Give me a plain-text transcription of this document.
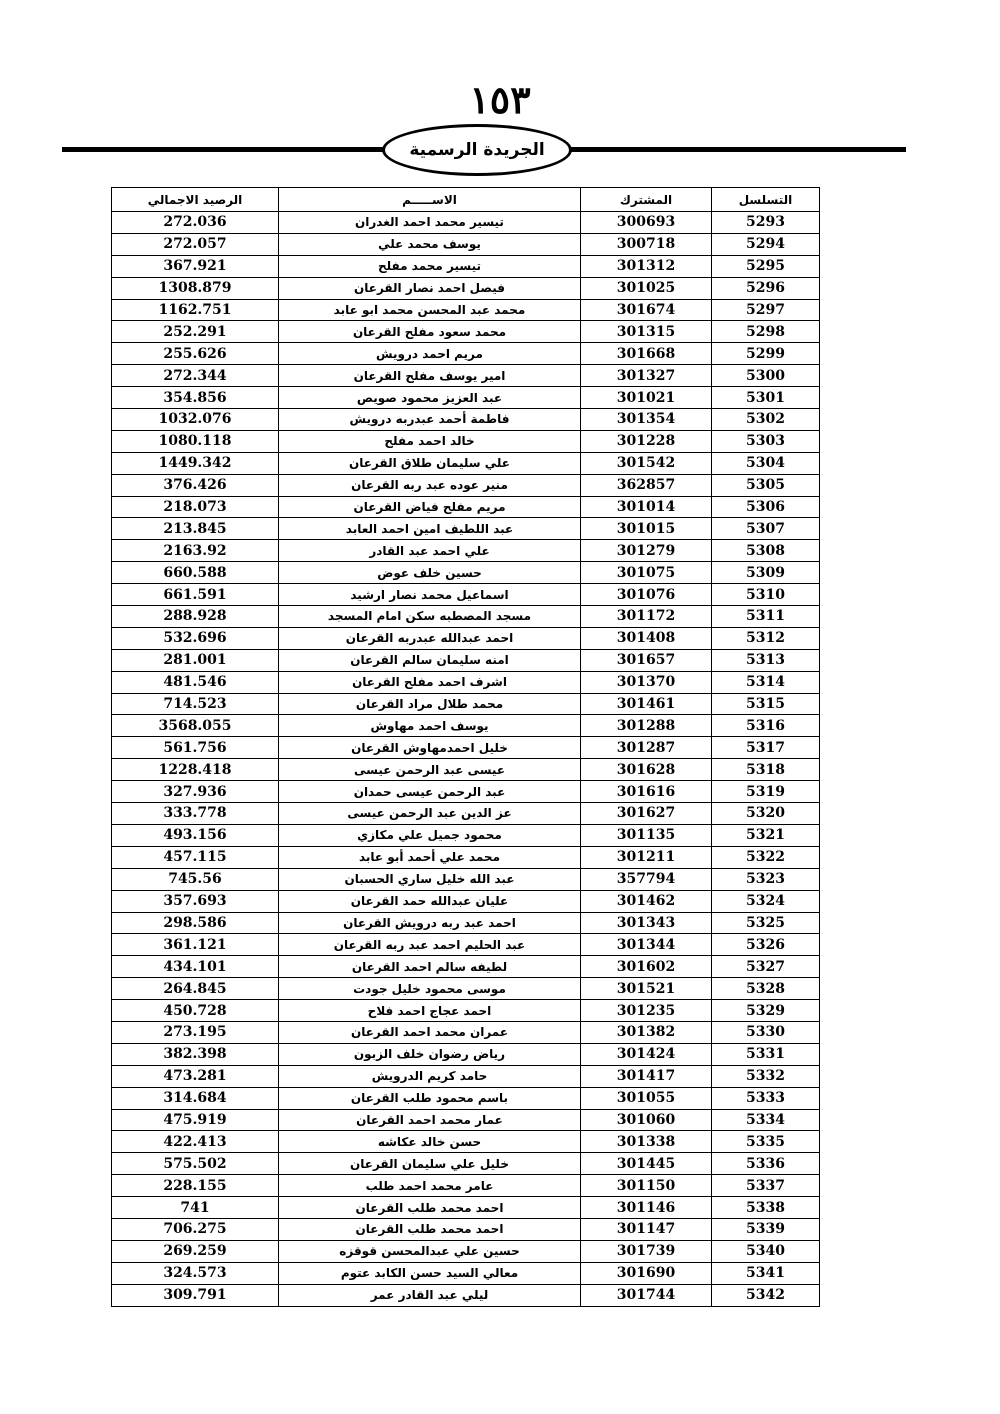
١٥٣
الجريدة الرسمية
التسلسل	المشترك	الاســـــم	الرصيد الاجمالي
5293	300693	تيسير محمد احمد الغدران	272.036
5294	300718	يوسف محمد علي	272.057
5295	301312	تيسير محمد مفلح	367.921
5296	301025	فيصل احمد نصار القرعان	1308.879
5297	301674	محمد عبد المحسن محمد ابو عابد	1162.751
5298	301315	محمد سعود مفلح القرعان	252.291
5299	301668	مريم احمد درويش	255.626
5300	301327	امير يوسف مفلح القرعان	272.344
5301	301021	عبد العزيز محمود صويص	354.856
5302	301354	فاطمة أحمد عبدربه درويش	1032.076
5303	301228	خالد احمد مفلح	1080.118
5304	301542	علي سليمان طلاق القرعان	1449.342
5305	362857	منير عوده عبد ربه القرعان	376.426
5306	301014	مريم مفلح فياض القرعان	218.073
5307	301015	عبد اللطيف امين احمد العابد	213.845
5308	301279	علي احمد عبد القادر	2163.92
5309	301075	حسين خلف عوض	660.588
5310	301076	اسماعيل محمد نصار ارشيد	661.591
5311	301172	مسجد المصطبه سكن امام المسجد	288.928
5312	301408	احمد عبدالله عبدربه القرعان	532.696
5313	301657	امنه سليمان سالم القرعان	281.001
5314	301370	اشرف احمد مفلح القرعان	481.546
5315	301461	محمد طلال مراد القرعان	714.523
5316	301288	يوسف احمد مهاوش	3568.055
5317	301287	خليل احمدمهاوش القرعان	561.756
5318	301628	عيسى عبد الرحمن عيسى	1228.418
5319	301616	عبد الرحمن عيسى حمدان	327.936
5320	301627	عز الدين عبد الرحمن عيسى	333.778
5321	301135	محمود جميل علي مكازي	493.156
5322	301211	محمد علي أحمد أبو عابد	457.115
5323	357794	عبد الله خليل ساري الحسبان	745.56
5324	301462	عليان عبدالله حمد القرعان	357.693
5325	301343	احمد عبد ربه درويش القرعان	298.586
5326	301344	عبد الحليم احمد عبد ربه القرعان	361.121
5327	301602	لطيفه سالم احمد القرعان	434.101
5328	301521	موسى محمود خليل جودت	264.845
5329	301235	احمد عجاج احمد فلاح	450.728
5330	301382	عمران محمد احمد القرعان	273.195
5331	301424	رياض رضوان خلف الزبون	382.398
5332	301417	حامد كريم الدرويش	473.281
5333	301055	باسم محمود طلب القرعان	314.684
5334	301060	عمار محمد احمد القرعان	475.919
5335	301338	حسن خالد عكاشه	422.413
5336	301445	خليل علي سليمان القرعان	575.502
5337	301150	عامر محمد احمد طلب	228.155
5338	301146	احمد محمد طلب القرعان	741
5339	301147	احمد محمد طلب القرعان	706.275
5340	301739	حسين علي عبدالمحسن قوقزه	269.259
5341	301690	معالي السيد حسن الكابد عتوم	324.573
5342	301744	ليلي عبد القادر عمر	309.791
